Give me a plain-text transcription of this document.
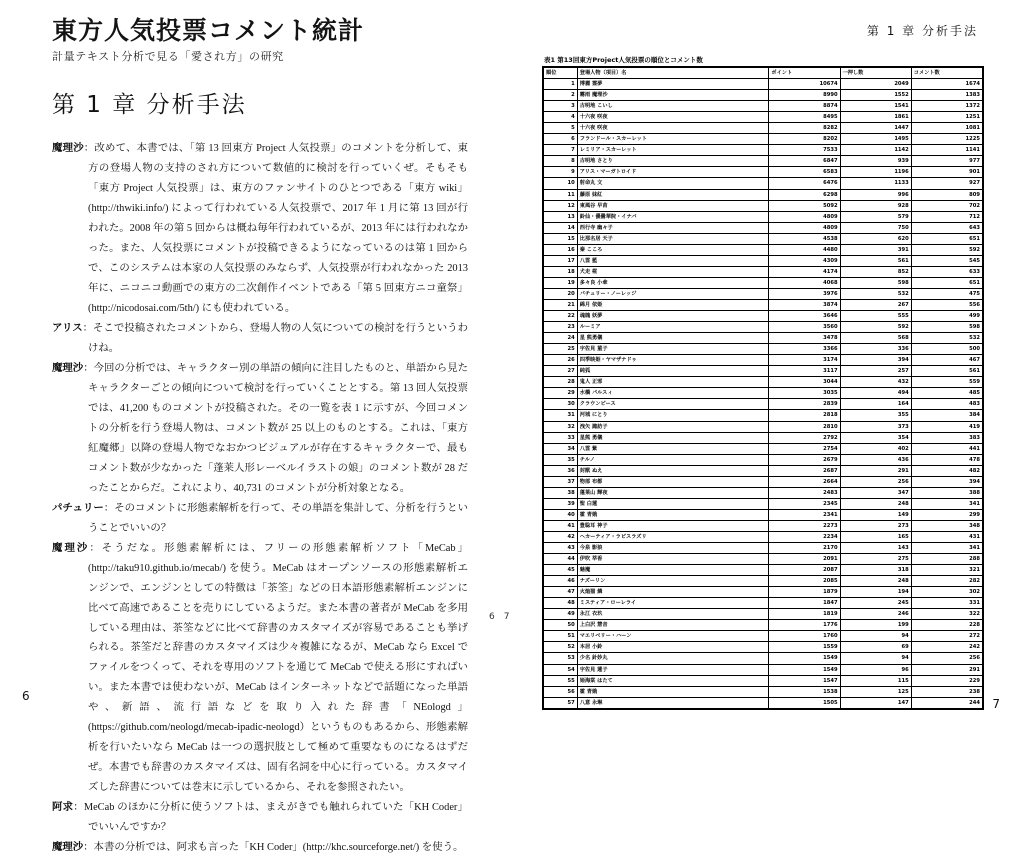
東方人気投票コメント統計
計量テキスト分析で見る「愛され方」の研究
第 1 章 分析手法

魔理沙：改めて、本書では、「第 13 回東方 Project 人気投票」のコメントを分析して、東方の登場人物の支持のされ方について数値的に検討を行っていくぜ。そもそも「東方 Project 人気投票」は、東方のファンサイトのひとつである「東方 wiki」(http://thwiki.info/) によって行われている人気投票で、2017 年 1 月に第 13 回が行われた。2008 年の第 5 回からは概ね毎年行われているが、2013 年には行われなかった。また、人気投票にコメントが投稿できるようになっているのは第 1 回からで、このシステムは本家の人気投票のみならず、人気投票が行われなかった 2013 年に、ニコニコ動画での東方の二次創作イベントである「第 5 回東方ニコ童祭」(http://nicodosai.com/5th/) にも使われている。

アリス：そこで投稿されたコメントから、登場人物の人気についての検討を行うというわけね。

魔理沙：今回の分析では、キャラクター別の単語の傾向に注目したものと、単語から見たキャラクターごとの傾向について検討を行っていくこととする。第 13 回人気投票では、41,200 ものコメントが投稿された。その一覧を表 1 に示すが、今回コメントの分析を行う登場人物は、コメント数が 25 以上のものとする。これは、「東方紅魔郷」以降の登場人物でなおかつビジュアルが存在するキャラクターで、最もコメント数が少なかった「蓬莱人形レーベルイラストの娘」のコメント数が 28 だったことからだ。これにより、40,731 のコメントが分析対象となる。

パチュリー：そのコメントに形態素解析を行って、その単語を集計して、分析を行うということでいいの？

魔理沙：そうだな。形態素解析には、フリーの形態素解析ソフト「MeCab」(http://taku910.github.io/mecab/) を使う。MeCab はオープンソースの形態素解析エンジンで、エンジンとしての特徴は「茶筌」などの日本語形態素解析エンジンに比べて高速であることを売りにしているようだ。また本書の著者が MeCab を多用している理由は、茶筌などに比べて辞書のカスタマイズが容易であることも挙げられる。茶筌だと辞書のカスタマイズは少々複雑になるが、MeCab なら Excel でファイルをつくって、それを専用のソフトを通じて MeCab で使える形にすればいい。また本書では使わないが、MeCab はインターネットなどで話題になった単語や、新語、流行語などを取り入れた辞書「NEologd」(https://github.com/neologd/mecab-ipadic-neologd）というものもあるから、形態素解析を行いたいなら MeCab は一つの選択肢として極めて重要なものになるはずだぜ。本書でも辞書のカスタマイズは、固有名詞を中心に行っている。カスタマイズした辞書については巻末に示しているから、それを参照されたい。

阿求：MeCab のほかに分析に使うソフトは、まえがきでも触れられていた「KH Coder」でいいんですか？

魔理沙：本書の分析では、阿求も言った「KH Coder」(http://khc.sourceforge.net/) を使う。

6
第 1 章 分析手法
表1 第13回東方Project人気投票の順位とコメント数
順位	登場人物（項目）名	ポイント	一押し数	コメント数
1	博麗 霊夢	10674	2049	1674
2	霧雨 魔理沙	8990	1552	1383
3	古明地 こいし	8874	1541	1372
4	十六夜 咲夜	8495	1861	1251
5	十六夜 咲夜	8282	1447	1081
6	フランドール・スカーレット	8202	1495	1225
7	レミリア・スカーレット	7533	1142	1141
8	古明地 さとり	6847	939	977
9	アリス・マーガトロイド	6583	1196	901
10	射命丸 文	6476	1133	927
11	藤原 妹紅	6298	996	809
12	東風谷 早苗	5092	928	702
13	鈴仙・優曇華院・イナバ	4809	579	712
14	西行寺 幽々子	4809	750	643
15	比那名居 天子	4538	620	651
16	秦 こころ	4480	391	592
17	八雲 藍	4309	561	545
18	犬走 椛	4174	852	633
19	多々良 小傘	4068	598	651
20	パチュリー・ノーレッジ	3976	532	475
21	綿月 依姫	3874	267	556
22	魂魄 妖夢	3646	555	499
23	ルーミア	3560	592	598
24	星 熊勇儀	3478	568	532
25	宇佐見 菫子	3366	336	500
26	四季映姫・ヤマザナドゥ	3174	394	467
27	純狐	3117	257	561
28	鬼人 正邪	3044	432	559
29	水橋 パルスィ	3035	494	485
30	クラウンピース	2839	164	483
31	河城 にとり	2818	355	384
32	洩矢 諏訪子	2810	373	419
33	星熊 勇儀	2792	354	383
34	八雲 紫	2754	402	441
35	チルノ	2679	436	478
36	封獣 ぬえ	2687	291	482
37	物部 布都	2664	256	394
38	蓬莱山 輝夜	2483	347	388
39	聖 白蓮	2345	248	341
40	霍 青娥	2341	149	299
41	豊聡耳 神子	2273	273	348
42	ヘカーティア・ラピスラズリ	2234	165	431
43	今泉 影狼	2170	143	341
44	伊吹 萃香	2091	275	288
45	魅魔	2087	318	321
46	ナズーリン	2085	248	282
47	火焔猫 燐	1879	194	302
48	ミスティア・ローレライ	1847	245	331
49	永江 衣玖	1819	246	322
50	上白沢 慧音	1776	199	228
51	マエリベリー・ハーン	1760	94	272
52	本居 小鈴	1559	69	242
53	少名 針妙丸	1549	94	256
54	宇佐見 蓮子	1549	96	291
55	姫海棠 はたて	1547	115	229
56	霍 青娥	1538	125	238
57	八意 永琳	1505	147	244 7
67
